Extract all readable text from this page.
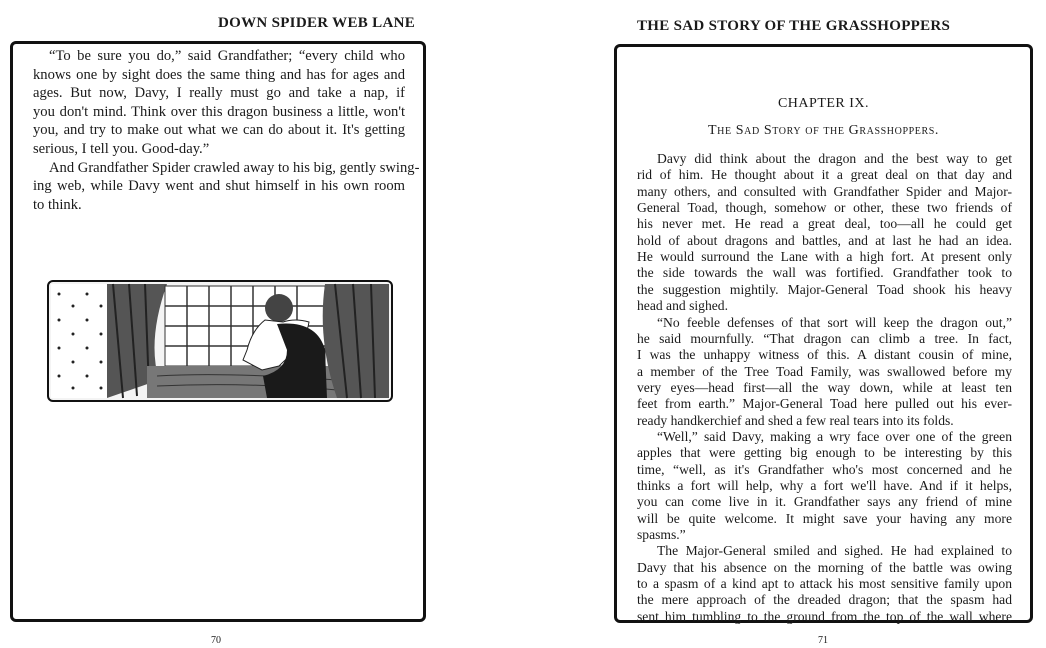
DOWN SPIDER WEB LANE
“To be sure you do,” said Grandfather; “every child who
knows one by sight does the same thing and has for ages and
ages. But now, Davy, I really must go and take a nap, if
you don't mind. Think over this dragon business a little, won't
you, and try to make out what we can do about it. It's getting
serious, I tell you. Good-day.”
And Grandfather Spider crawled away to his big, gently swing-
ing web, while Davy went and shut himself in his own room
to think.
70
THE SAD STORY OF THE GRASSHOPPERS
CHAPTER IX.
The Sad Story of the Grasshoppers.
Davy did think about the dragon and the best way to get
rid of him. He thought about it a great deal on that day and
many others, and consulted with Grandfather Spider and Major-
General Toad, though, somehow or other, these two friends of
his never met. He read a great deal, too—all he could get
hold of about dragons and battles, and at last he had an idea.
He would surround the Lane with a high fort. At present only
the side towards the wall was fortified. Grandfather took to
the suggestion mightily. Major-General Toad shook his heavy
head and sighed.
“No feeble defenses of that sort will keep the dragon out,”
he said mournfully. “That dragon can climb a tree. In fact,
I was the unhappy witness of this. A distant cousin of mine,
a member of the Tree Toad Family, was swallowed before my
very eyes—head first—all the way down, while at least ten
feet from earth.” Major-General Toad here pulled out his ever-
ready handkerchief and shed a few real tears into its folds.
“Well,” said Davy, making a wry face over one of the green
apples that were getting big enough to be interesting by this
time, “well, as it's Grandfather who's most concerned and he
thinks a fort will help, why a fort we'll have. And if it helps,
you can come live in it. Grandfather says any friend of mine
will be quite welcome. It might save your having any more
spasms.”
The Major-General smiled and sighed. He had explained to
Davy that his absence on the morning of the battle was owing
to a spasm of a kind apt to attack his most sensitive family upon
the mere approach of the dreaded dragon; that the spasm had
sent him tumbling to the ground from the top of the wall where
71
